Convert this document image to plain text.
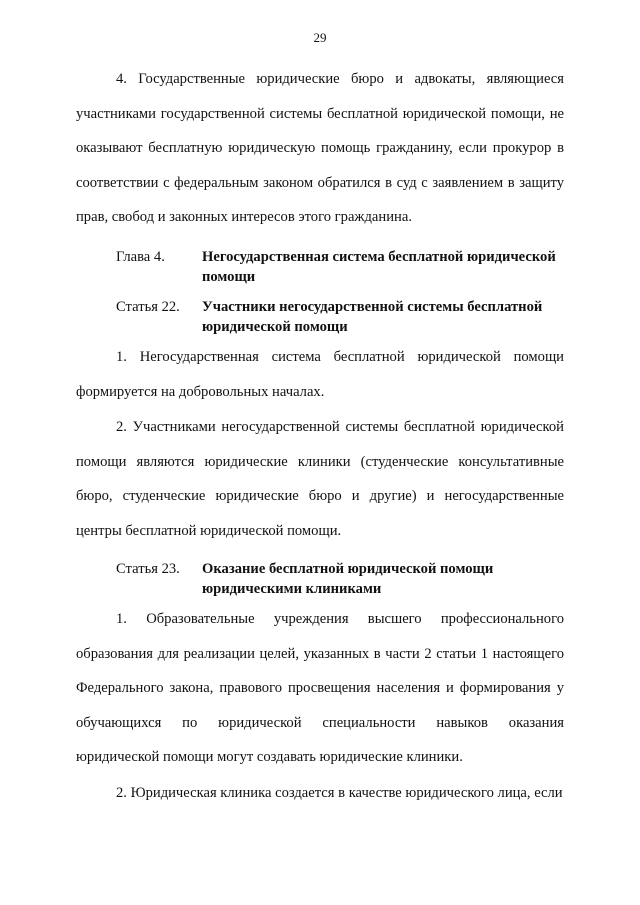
29

4. Государственные юридические бюро и адвокаты, являющиеся участниками государственной системы бесплатной юридической помощи, не оказывают бесплатную юридическую помощь гражданину, если прокурор в соответствии с федеральным законом обратился в суд с заявлением в защиту прав, свобод и законных интересов этого гражданина.

Глава 4.	Негосударственная система бесплатной юридической помощи
Статья 22.	Участники негосударственной системы бесплатной юридической помощи

1. Негосударственная система бесплатной юридической помощи формируется на добровольных началах.

2. Участниками негосударственной системы бесплатной юридической помощи являются юридические клиники (студенческие консультативные бюро, студенческие юридические бюро и другие) и негосударственные центры бесплатной юридической помощи.

Статья 23.	Оказание бесплатной юридической помощи юридическими клиниками

1. Образовательные учреждения высшего профессионального образования для реализации целей, указанных в части 2 статьи 1 настоящего Федерального закона, правового просвещения населения и формирования у обучающихся по юридической специальности навыков оказания юридической помощи могут создавать юридические клиники.

2. Юридическая клиника создается в качестве юридического лица, если
